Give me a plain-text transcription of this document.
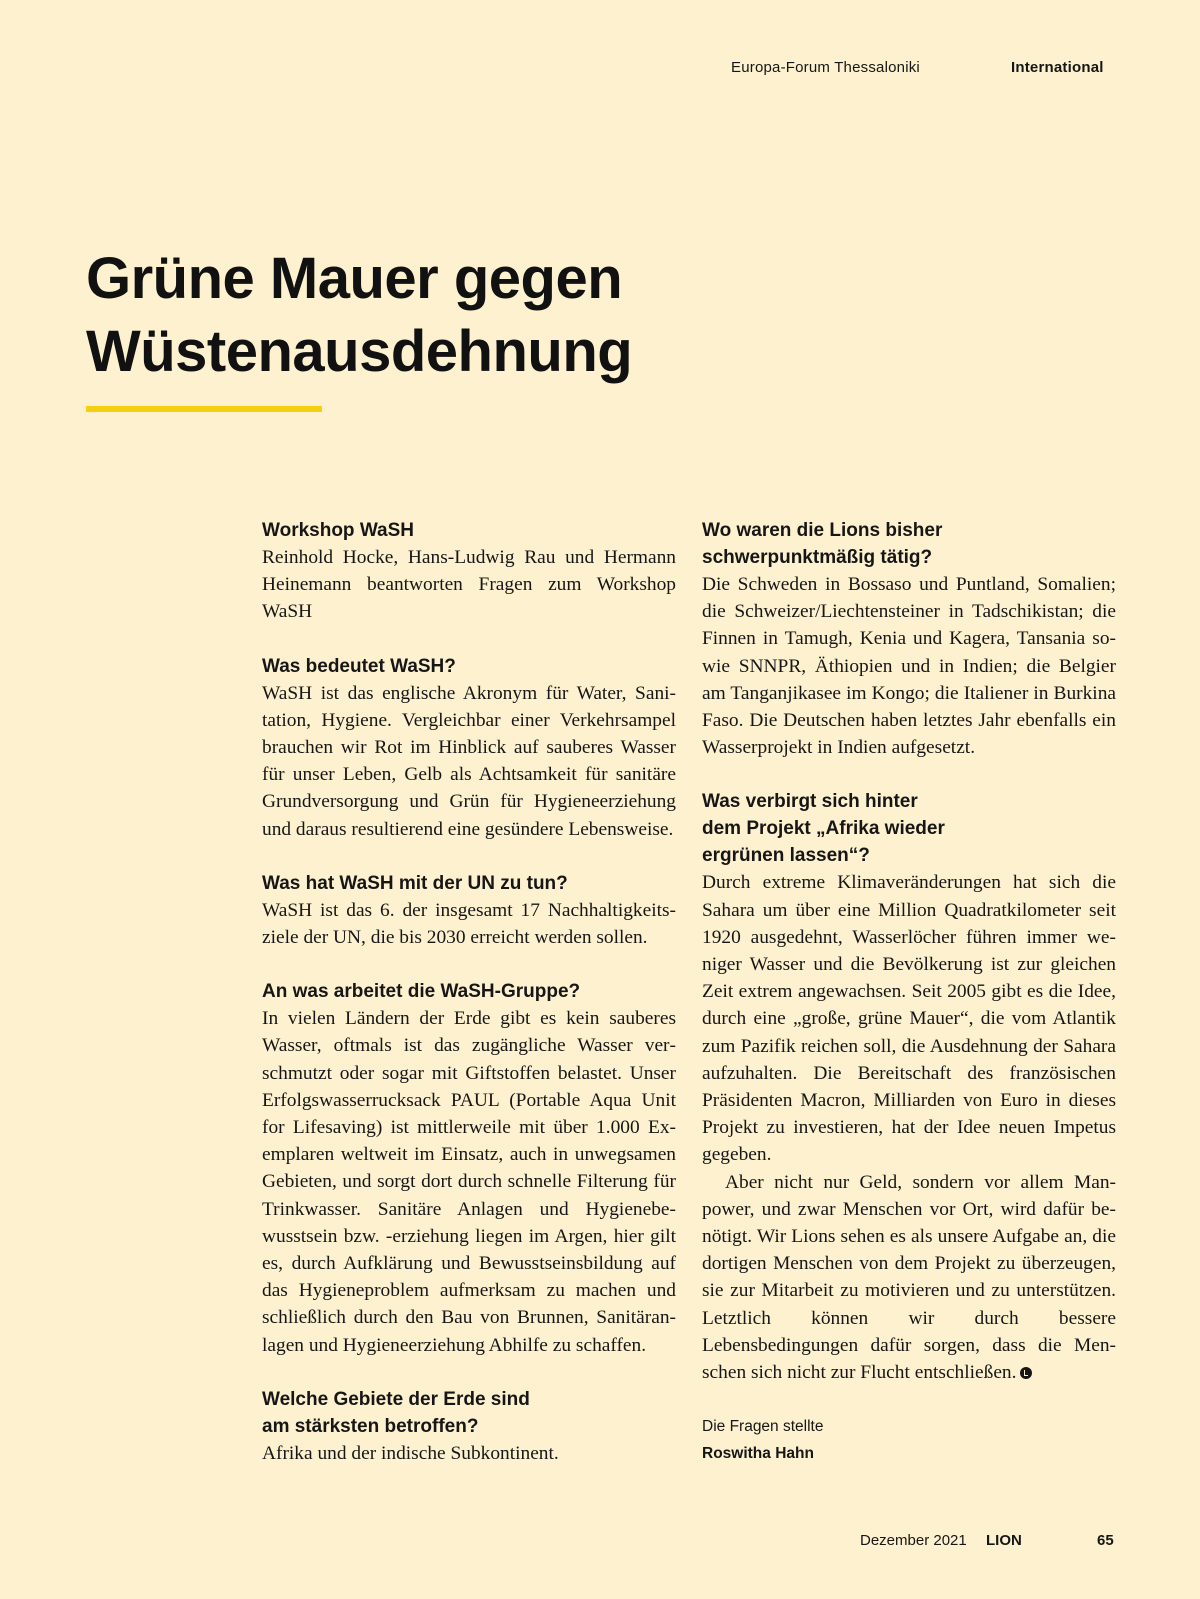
Europa-Forum Thessaloniki	International
Grüne Mauer gegen
Wüstenausdehnung

Workshop WaSH

Reinhold Hocke, Hans-Ludwig Rau und Hermann Heinemann beantworten Fragen zum Workshop WaSH

Was bedeutet WaSH?

WaSH ist das englische Akronym für Water, Sanitation, Hygiene. Vergleichbar einer Verkehrsampel brauchen wir Rot im Hinblick auf sauberes Wasser für unser Leben, Gelb als Achtsamkeit für sanitäre Grundversorgung und Grün für Hygieneerziehung und daraus resultierend eine gesündere Lebensweise.

Was hat WaSH mit der UN zu tun?

WaSH ist das 6. der insgesamt 17 Nachhaltigkeitsziele der UN, die bis 2030 erreicht werden sollen.

An was arbeitet die WaSH-Gruppe?

In vielen Ländern der Erde gibt es kein sauberes Wasser, oftmals ist das zugängliche Wasser verschmutzt oder sogar mit Giftstoffen belastet. Unser Erfolgswasserrucksack PAUL (Portable Aqua Unit for Lifesaving) ist mittlerweile mit über 1.000 Exemplaren weltweit im Einsatz, auch in unwegsamen Gebieten, und sorgt dort durch schnelle Filterung für Trinkwasser. Sanitäre Anlagen und Hygienebewusstsein bzw. -erziehung liegen im Argen, hier gilt es, durch Aufklärung und Bewusstseinsbildung auf das Hygieneproblem aufmerksam zu machen und schließlich durch den Bau von Brunnen, Sanitäranlagen und Hygieneerziehung Abhilfe zu schaffen.

Welche Gebiete der Erde sind
am stärksten betroffen?

Afrika und der indische Subkontinent.

Wo waren die Lions bisher
schwerpunktmäßig tätig?

Die Schweden in Bossaso und Puntland, Somalien; die Schweizer/Liechtensteiner in Tadschikistan; die Finnen in Tamugh, Kenia und Kagera, Tansania sowie SNNPR, Äthiopien und in Indien; die Belgier am Tanganjikasee im Kongo; die Italiener in Burkina Faso. Die Deutschen haben letztes Jahr ebenfalls ein Wasserprojekt in Indien aufgesetzt.

Was verbirgt sich hinter
dem Projekt „Afrika wieder
ergrünen lassen“?

Durch extreme Klimaveränderungen hat sich die Sahara um über eine Million Quadratkilometer seit 1920 ausgedehnt, Wasserlöcher führen immer weniger Wasser und die Bevölkerung ist zur gleichen Zeit extrem angewachsen. Seit 2005 gibt es die Idee, durch eine „große, grüne Mauer“, die vom Atlantik zum Pazifik reichen soll, die Ausdehnung der Sahara aufzuhalten. Die Bereitschaft des französischen Präsidenten Macron, Milliarden von Euro in dieses Projekt zu investieren, hat der Idee neuen Impetus gegeben.

Aber nicht nur Geld, sondern vor allem Manpower, und zwar Menschen vor Ort, wird dafür benötigt. Wir Lions sehen es als unsere Aufgabe an, die dortigen Menschen von dem Projekt zu überzeugen, sie zur Mitarbeit zu motivieren und zu unterstützen. Letztlich können wir durch bessere Lebensbedingungen dafür sorgen, dass die Menschen sich nicht zur Flucht entschließen.

Die Fragen stellte

Roswitha Hahn

Dezember 2021 LION	65
